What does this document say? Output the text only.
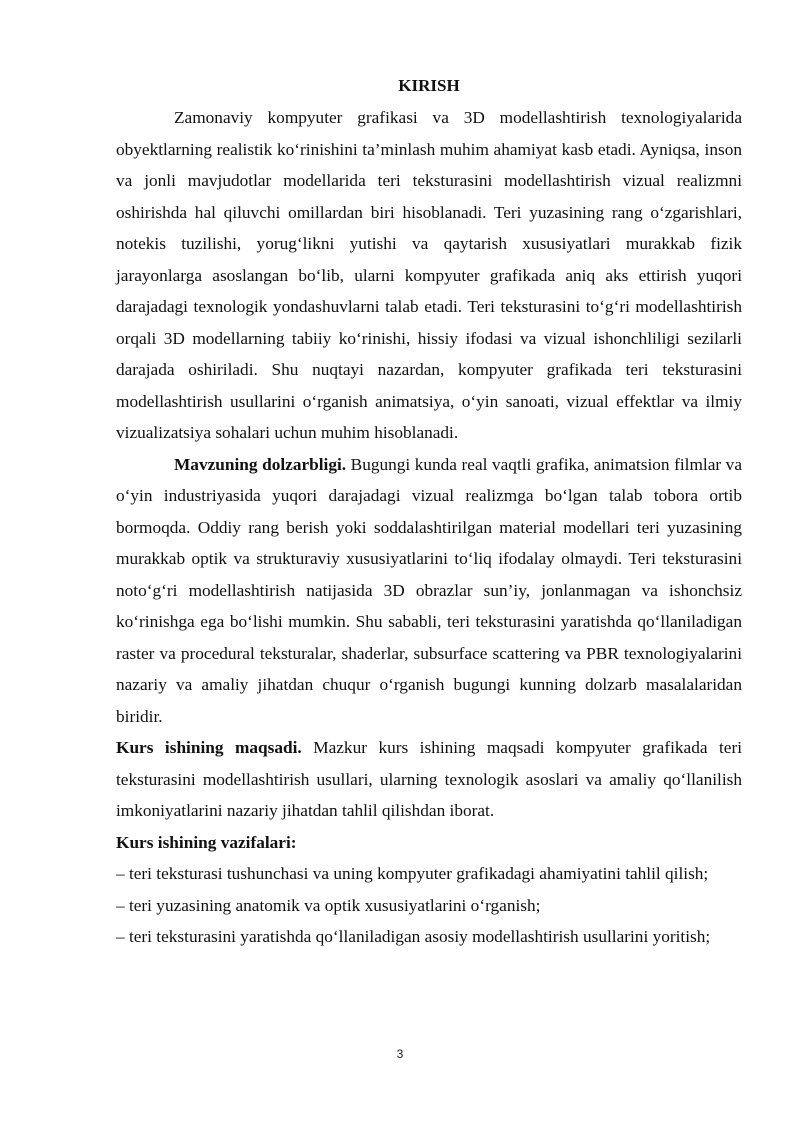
KIRISH

Zamonaviy kompyuter grafikasi va 3D modellashtirish texnologiyalarida obyektlarning realistik ko‘rinishini ta’minlash muhim ahamiyat kasb etadi. Ayniqsa, inson va jonli mavjudotlar modellarida teri teksturasini modellashtirish vizual realizmni oshirishda hal qiluvchi omillardan biri hisoblanadi. Teri yuzasining rang o‘zgarishlari, notekis tuzilishi, yorug‘likni yutishi va qaytarish xususiyatlari murakkab fizik jarayonlarga asoslangan bo‘lib, ularni kompyuter grafikada aniq aks ettirish yuqori darajadagi texnologik yondashuvlarni talab etadi. Teri teksturasini to‘g‘ri modellashtirish orqali 3D modellarning tabiiy ko‘rinishi, hissiy ifodasi va vizual ishonchliligi sezilarli darajada oshiriladi. Shu nuqtayi nazardan, kompyuter grafikada teri teksturasini modellashtirish usullarini o‘rganish animatsiya, o‘yin sanoati, vizual effektlar va ilmiy vizualizatsiya sohalari uchun muhim hisoblanadi.

Mavzuning dolzarbligi. Bugungi kunda real vaqtli grafika, animatsion filmlar va o‘yin industriyasida yuqori darajadagi vizual realizmga bo‘lgan talab tobora ortib bormoqda. Oddiy rang berish yoki soddalashtirilgan material modellari teri yuzasining murakkab optik va strukturaviy xususiyatlarini to‘liq ifodalay olmaydi. Teri teksturasini noto‘g‘ri modellashtirish natijasida 3D obrazlar sun’iy, jonlanmagan va ishonchsiz ko‘rinishga ega bo‘lishi mumkin. Shu sababli, teri teksturasini yaratishda qo‘llaniladigan raster va procedural teksturalar, shaderlar, subsurface scattering va PBR texnologiyalarini nazariy va amaliy jihatdan chuqur o‘rganish bugungi kunning dolzarb masalalaridan biridir.

Kurs ishining maqsadi. Mazkur kurs ishining maqsadi kompyuter grafikada teri teksturasini modellashtirish usullari, ularning texnologik asoslari va amaliy qo‘llanilish imkoniyatlarini nazariy jihatdan tahlil qilishdan iborat.

Kurs ishining vazifalari:

– teri teksturasi tushunchasi va uning kompyuter grafikadagi ahamiyatini tahlil qilish;
– teri yuzasining anatomik va optik xususiyatlarini o‘rganish;
– teri teksturasini yaratishda qo‘llaniladigan asosiy modellashtirish usullarini yoritish;
3
